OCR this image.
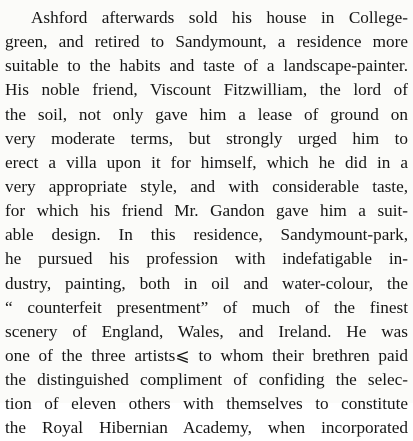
Ashford afterwards sold his house in College-
green, and retired to Sandymount, a residence more
suitable to the habits and taste of a landscape-painter.
His noble friend, Viscount Fitzwilliam, the lord of
the soil, not only gave him a lease of ground on
very moderate terms, but strongly urged him to
erect a villa upon it for himself, which he did in a
very appropriate style, and with considerable taste,
for which his friend Mr. Gandon gave him a suit-
able design. In this residence, Sandymount-park,
he pursued his profession with indefatigable in-
dustry, painting, both in oil and water-colour, the
“ counterfeit presentment” of much of the finest
scenery of England, Wales, and Ireland. He was
one of the three artists⩽ to whom their brethren paid
the distinguished compliment of confiding the selec-
tion of eleven others with themselves to constitute
the Royal Hibernian Academy, when incorporated
